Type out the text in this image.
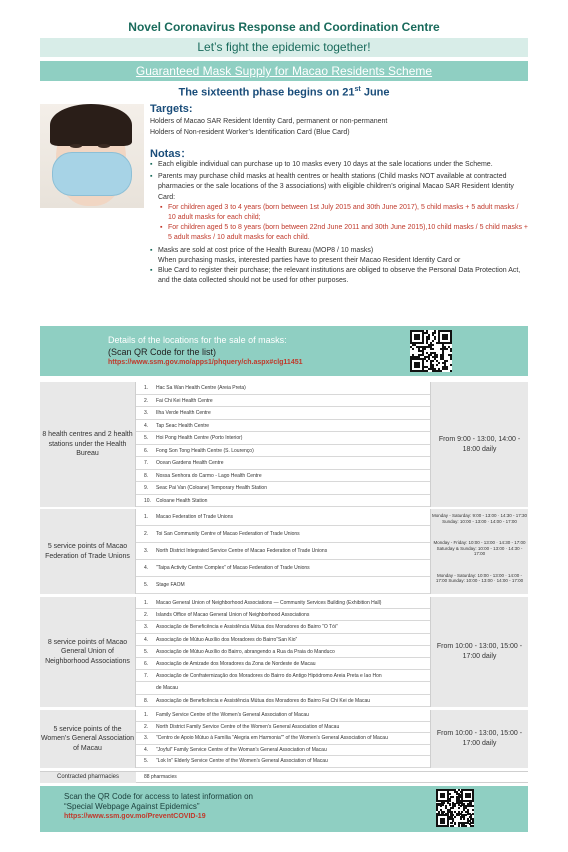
Novel Coronavirus Response and Coordination Centre
Let’s fight the epidemic together!
Guaranteed Mask Supply for Macao Residents Scheme
The sixteenth phase begins on 21st June
Targets:
Holders of Macao SAR Resident Identity Card, permanent or non-permanent
Holders of Non-resident Worker’s Identification Card (Blue Card)
Notas：
▪ Each eligible individual can purchase up to 10 masks every 10 days at the sale locations under the Scheme.
▪ Parents may purchase child masks at health centres or health stations (Child masks NOT available at contracted pharmacies or the sale locations of the 3 associations) with eligible children’s original Macao SAR Resident Identity Card:
▪ For children aged 3 to 4 years (born between 1st July 2015 and 30th June 2017), 5 child masks + 5 adult masks / 10 adult masks for each child;
▪ For children aged 5 to 8 years (born between 22nd June 2011 and 30th June 2015),10 child masks / 5 child masks + 5 adult masks / 10 adult masks for each child.
▪ Masks are sold at cost price of the Health Bureau (MOP8 / 10 masks)
When purchasing masks, interested parties have to present their Macao Resident Identity Card or
▪ Blue Card to register their purchase; the relevant institutions are obliged to observe the Personal Data Protection Act, and the data collected should not be used for other purposes.
Details of the locations for the sale of masks:
(Scan QR Code for the list)
https://www.ssm.gov.mo/apps1/phquery/ch.aspx#clg11451
8 health centres and 2 health stations under the Health Bureau
1. Hac Sa Wan Health Centre (Areia Preta)
2. Fai Chi Kei Health Centre
3. Ilha Verde Health Centre
4. Tap Seac Health Centre
5. Hoi Pong Health Centre (Porto Interior)
6. Fong Son Tong Health Centre (S. Lourenço)
7. Ocean Gardens Health Centre
8. Nossa Senhora do Carmo - Lago Health Centre
9. Seac Pai Van (Coloane) Temporary Health Station
10. Coloane Health Station
From 9:00 - 13:00, 14:00 - 18:00 daily
5 service points of Macao Federation of Trade Unions
1. Macao Federation of Trade Unions
2. Toi San Community Centre of Macao Federation of Trade Unions
3. North District Integrated Service Centre of Macao Federation of Trade Unions
4. “Taipa Activity Centre Complex” of Macao Federation of Trade Unions
5. Stage FAOM
Monday - Saturday: 9:00 - 13:00 · 14:30 - 17:30 Sunday: 10:00 - 13:00 · 14:00 - 17:00
Monday - Friday: 10:00 - 13:00 · 14:30 - 17:00 Saturday & Sunday: 10:00 - 13:00 · 14:30 - 17:00
Monday - Saturday: 10:00 - 13:00 · 14:00 - 17:00 Sunday: 10:00 - 13:00 · 14:00 - 17:00
8 service points of Macao General Union of Neighborhood Associations
1. Macao General Union of Neighborhood Associations — Community Services Building (Exhibition Hall)
2. Islands Office of Macao General Union of Neighborhood Associations
3. Associação de Beneficência e Assistência Mútua dos Moradores do Bairro “O Tói”
4. Associação de Mútuo Auxílio dos Moradores do Bairro“San Kio”
5. Associação de Mútuo Auxílio do Bairro, abrangendo a Rua da Praia do Manduco
6. Associação de Amizade dos Moradores da Zona de Nordeste de Macau
7. Associação de Confraternização dos Moradores do Bairro do Antigo Hipódromo Areia Preta e Iao Hon
de Macau
8. Associação de Beneficência e Assistência Mútua dos Moradores do Bairro Fai Chi Kei de Macau
From 10:00 - 13:00, 15:00 - 17:00 daily
5 service points of the Women’s General Association of Macau
1. Family Service Centre of the Women’s General Association of Macau
2. North District Family Service Centre of the Women’s General Association of Macau
3. “Centro de Apoio Mútuo à Família “Alegria em Harmonia”” of the Women’s General Association of Macau
4. “Joyful” Family Service Centre of the Woman’s General Association of Macau
5. “Lok In” Elderly Service Centre of the Women’s General Association of Macau
From 10:00 - 13:00, 15:00 - 17:00 daily
Contracted pharmacies	88 pharmacies
Scan the QR Code for access to latest information on
“Special Webpage Against Epidemics”
https://www.ssm.gov.mo/PreventCOVID-19
